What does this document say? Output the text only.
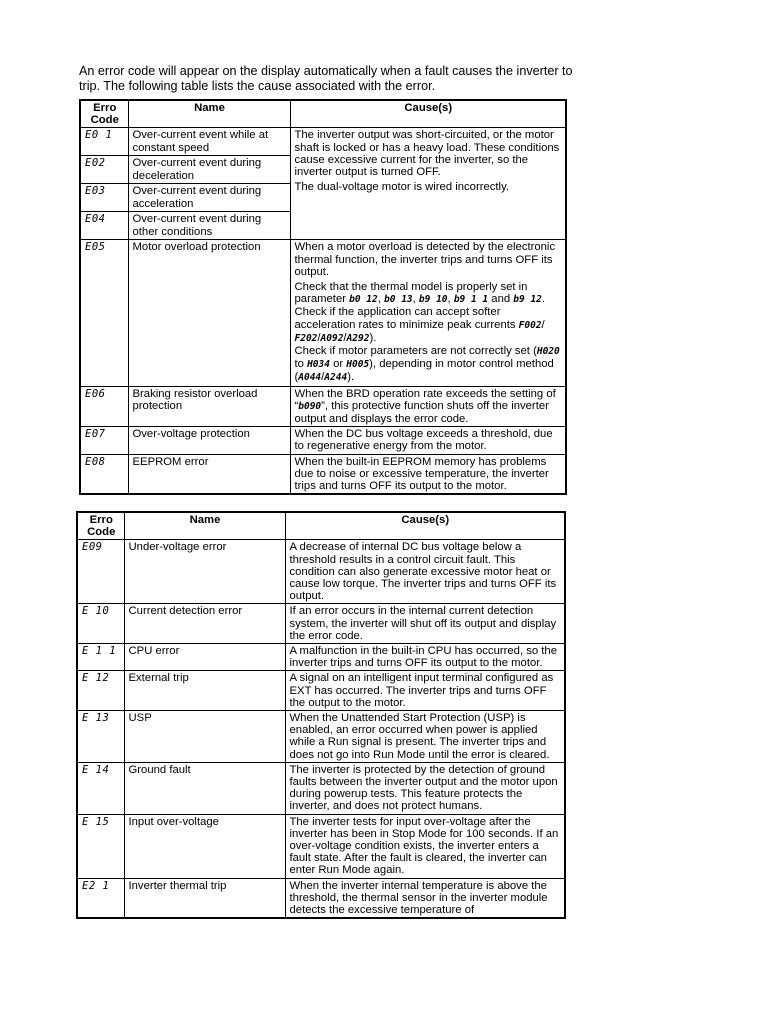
An error code will appear on the display automatically when a fault causes the inverter to trip. The following table lists the cause associated with the error.

Erro Code	Name	Cause(s)
E0 1	Over-current event while at constant speed	The inverter output was short-circuited, or the motor shaft is locked or has a heavy load. These conditions cause excessive current for the inverter, so the inverter output is turned OFF.
The dual-voltage motor is wired incorrectly.

E02	Over-current event during deceleration	
E03	Over-current event during acceleration	
E04	Over-current event during other conditions	
E05	Motor overload protection	When a motor overload is detected by the electronic thermal function, the inverter trips and turns OFF its output.
Check that the thermal model is properly set in parameter b0 12, b0 13, b9 10, b9 1 1 and b9 12. Check if the application can accept softer acceleration rates to minimize peak currents F002/ F202/A092/A292).
Check if motor parameters are not correctly set (H020 to H034 or H005), depending in motor control method (A044/A244).

E06	Braking resistor overload protection	When the BRD operation rate exceeds the setting of “b090”, this protective function shuts off the inverter output and displays the error code.
E07	Over-voltage protection	When the DC bus voltage exceeds a threshold, due to regenerative energy from the motor.
E08	EEPROM error	When the built-in EEPROM memory has problems due to noise or excessive temperature, the inverter trips and turns OFF its output to the motor.
Erro Code	Name	Cause(s)
E09	Under-voltage error	A decrease of internal DC bus voltage below a threshold results in a control circuit fault. This condition can also generate excessive motor heat or cause low torque. The inverter trips and turns OFF its output.
E 10	Current detection error	If an error occurs in the internal current detection system, the inverter will shut off its output and display the error code.
E 1 1	CPU error	A malfunction in the built-in CPU has occurred, so the inverter trips and turns OFF its output to the motor.
E 12	External trip	A signal on an intelligent input terminal configured as EXT has occurred. The inverter trips and turns OFF the output to the motor.
E 13	USP	When the Unattended Start Protection (USP) is enabled, an error occurred when power is applied while a Run signal is present. The inverter trips and does not go into Run Mode until the error is cleared.
E 14	Ground fault	The inverter is protected by the detection of ground faults between the inverter output and the motor upon during powerup tests. This feature protects the inverter, and does not protect humans.
E 15	Input over-voltage	The inverter tests for input over-voltage after the inverter has been in Stop Mode for 100 seconds. If an over-voltage condition exists, the inverter enters a fault state. After the fault is cleared, the inverter can enter Run Mode again.
E2 1	Inverter thermal trip	When the inverter internal temperature is above the threshold, the thermal sensor in the inverter module detects the excessive temperature of
